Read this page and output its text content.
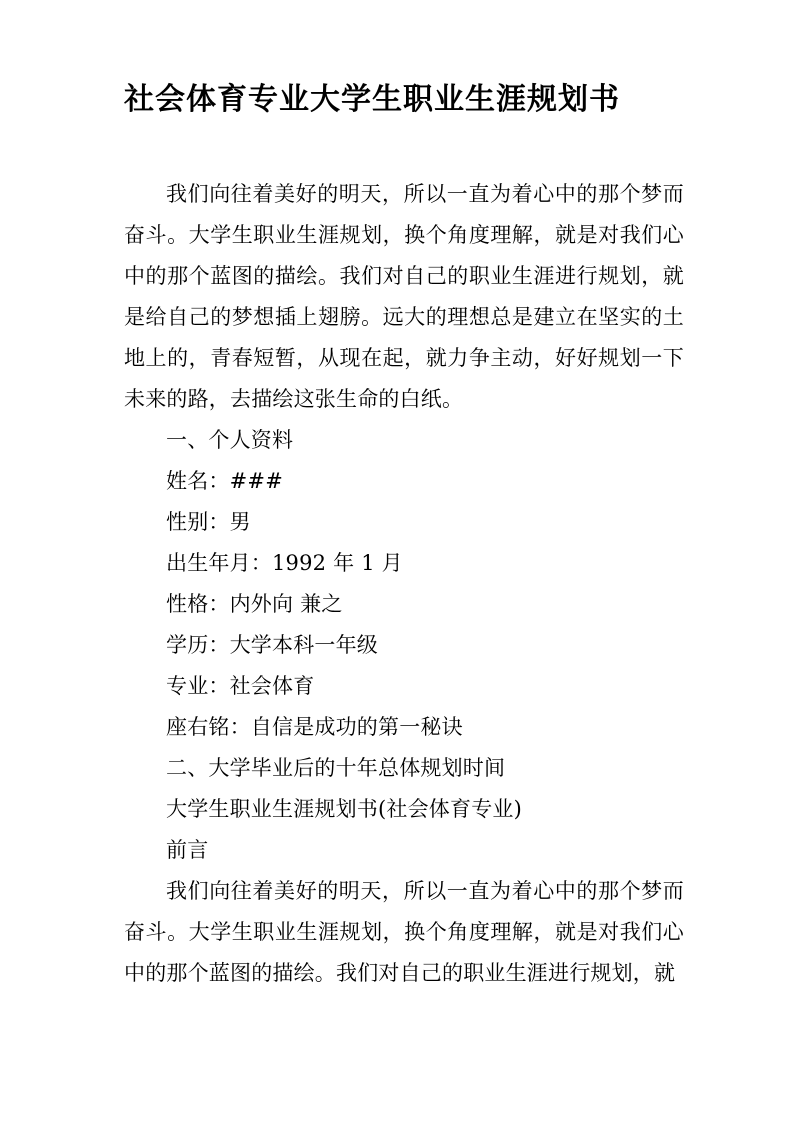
社会体育专业大学生职业生涯规划书

我们向往着美好的明天，所以一直为着心中的那个梦而奋斗。大学生职业生涯规划，换个角度理解，就是对我们心中的那个蓝图的描绘。我们对自己的职业生涯进行规划，就是给自己的梦想插上翅膀。远大的理想总是建立在坚实的土地上的，青春短暂，从现在起，就力争主动，好好规划一下未来的路，去描绘这张生命的白纸。

一、个人资料

姓名：###

性别：男

出生年月：1992 年 1 月

性格：内外向 兼之

学历：大学本科一年级

专业：社会体育

座右铭：自信是成功的第一秘诀

二、大学毕业后的十年总体规划时间

大学生职业生涯规划书(社会体育专业)

前言

我们向往着美好的明天，所以一直为着心中的那个梦而奋斗。大学生职业生涯规划，换个角度理解，就是对我们心中的那个蓝图的描绘。我们对自己的职业生涯进行规划，就
